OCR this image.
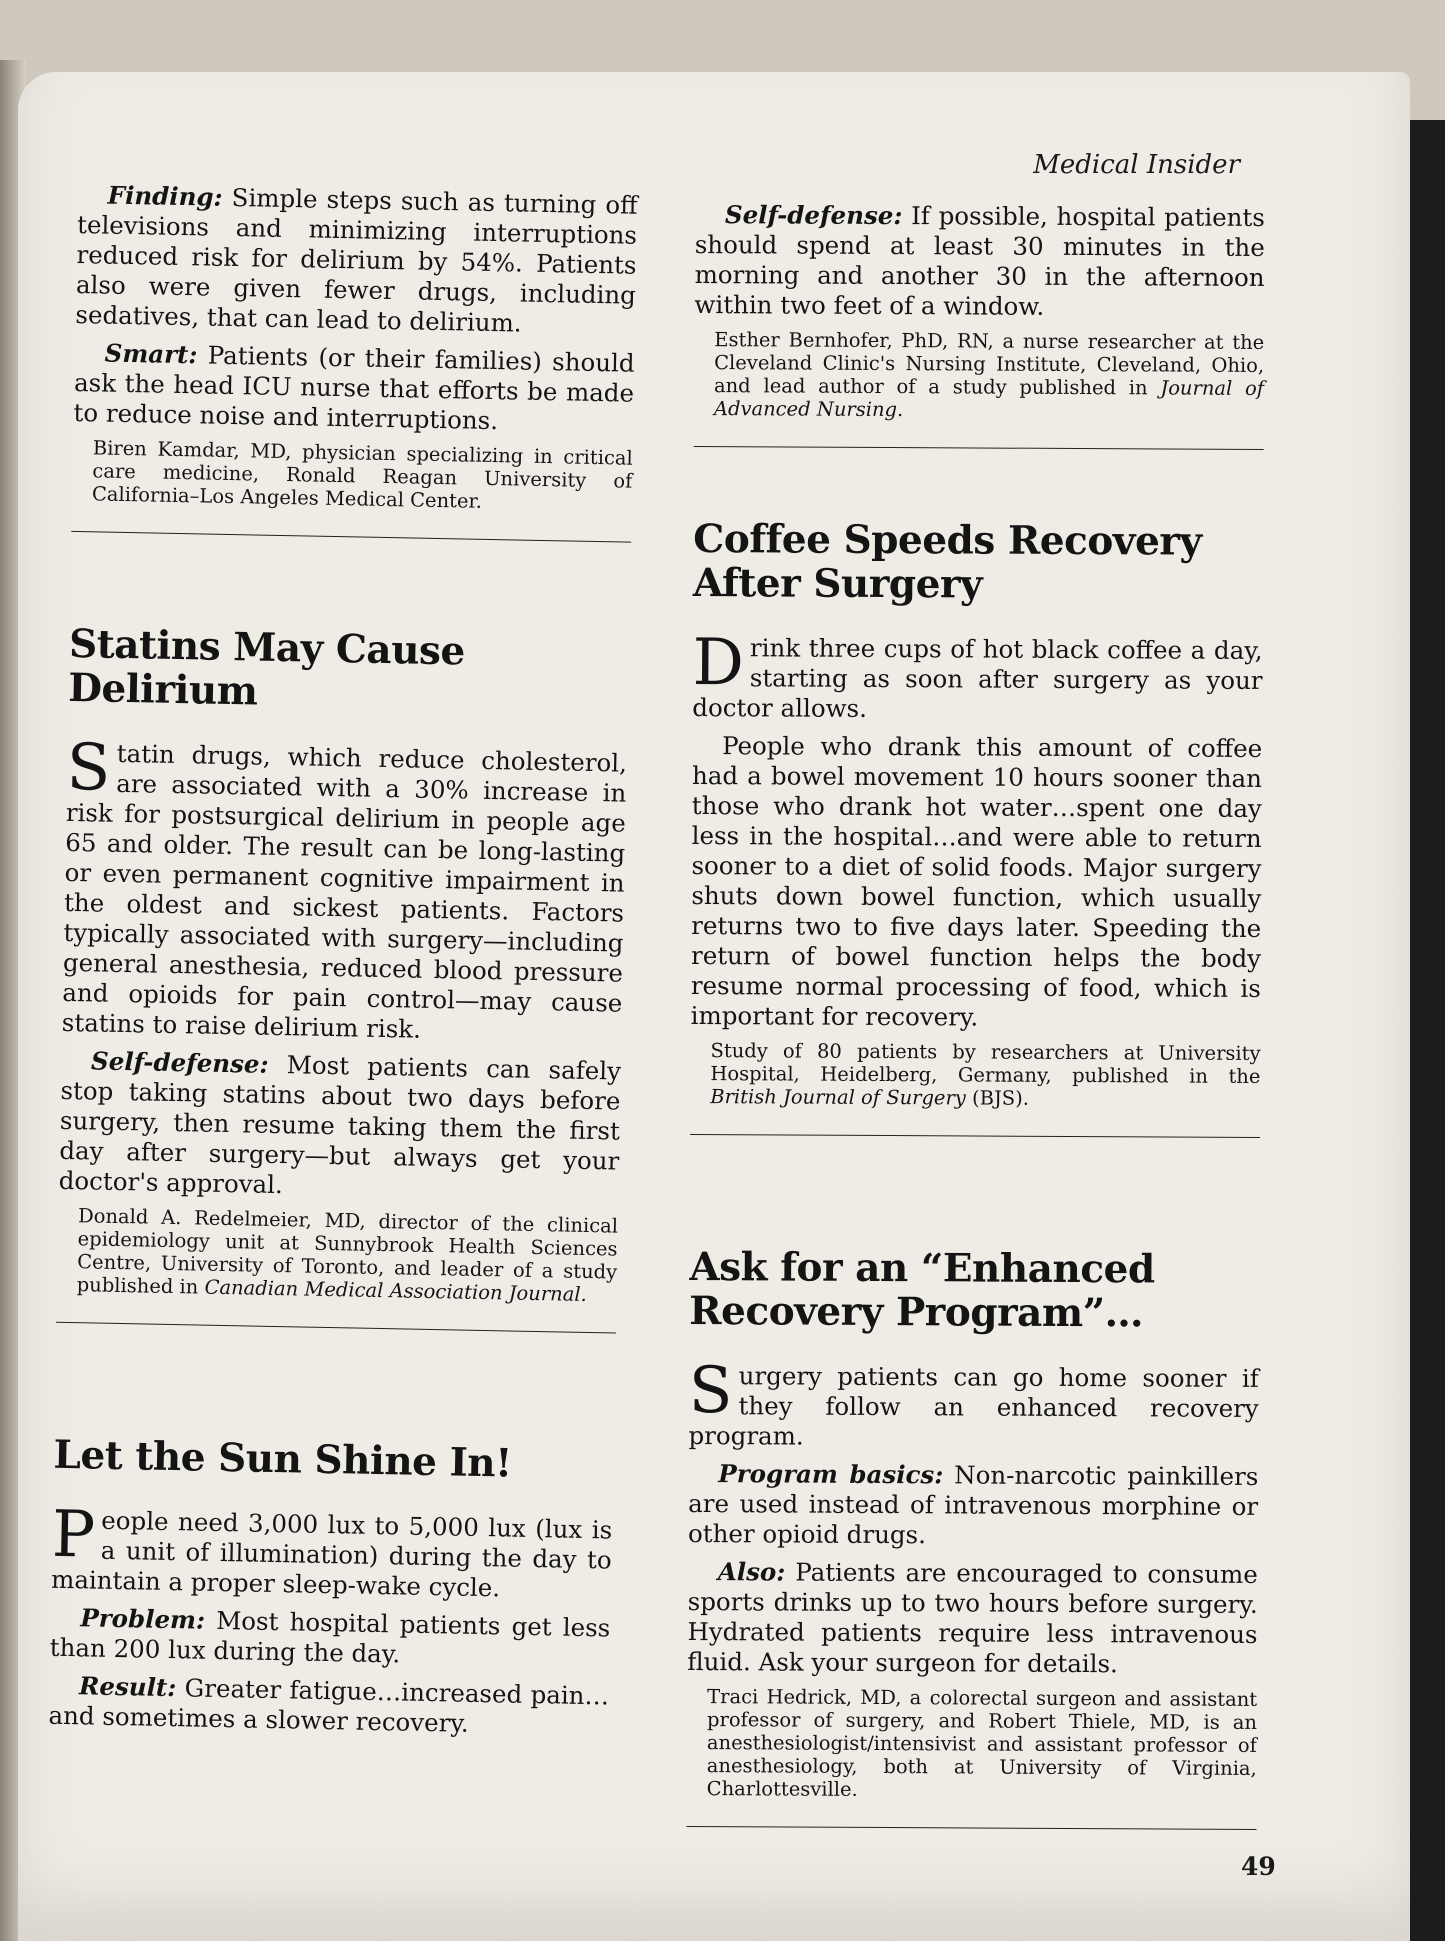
Medical Insider

Finding: Simple steps such as turning off televisions and minimizing interruptions reduced risk for delirium by 54%. Patients also were given fewer drugs, including sedatives, that can lead to delirium.

Smart: Patients (or their families) should ask the head ICU nurse that efforts be made to reduce noise and interruptions.

Biren Kamdar, MD, physician specializing in critical care medicine, Ronald Reagan University of California–Los Angeles Medical Center.

Statins May Cause Delirium

Statin drugs, which reduce cholesterol, are associated with a 30% increase in risk for postsurgical delirium in people age 65 and older. The result can be long-lasting or even permanent cognitive impairment in the oldest and sickest patients. Factors typically associated with surgery—including general anesthesia, reduced blood pressure and opioids for pain control—may cause statins to raise delirium risk.

Self-defense: Most patients can safely stop taking statins about two days before surgery, then resume taking them the first day after surgery—but always get your doctor's approval.

Donald A. Redelmeier, MD, director of the clinical epidemiology unit at Sunnybrook Health Sciences Centre, University of Toronto, and leader of a study published in Canadian Medical Association Journal.

Let the Sun Shine In!

People need 3,000 lux to 5,000 lux (lux is a unit of illumination) during the day to maintain a proper sleep-wake cycle.

Problem: Most hospital patients get less than 200 lux during the day.

Result: Greater fatigue…increased pain…and sometimes a slower recovery.

Self-defense: If possible, hospital patients should spend at least 30 minutes in the morning and another 30 in the afternoon within two feet of a window.

Esther Bernhofer, PhD, RN, a nurse researcher at the Cleveland Clinic's Nursing Institute, Cleveland, Ohio, and lead author of a study published in Journal of Advanced Nursing.

Coffee Speeds Recovery After Surgery

Drink three cups of hot black coffee a day, starting as soon after surgery as your doctor allows.

People who drank this amount of coffee had a bowel movement 10 hours sooner than those who drank hot water…spent one day less in the hospital…and were able to return sooner to a diet of solid foods. Major surgery shuts down bowel function, which usually returns two to five days later. Speeding the return of bowel function helps the body resume normal processing of food, which is important for recovery.

Study of 80 patients by researchers at University Hospital, Heidelberg, Germany, published in the British Journal of Surgery (BJS).

Ask for an “Enhanced Recovery Program”…

Surgery patients can go home sooner if they follow an enhanced recovery program.

Program basics: Non-narcotic painkillers are used instead of intravenous morphine or other opioid drugs.

Also: Patients are encouraged to consume sports drinks up to two hours before surgery. Hydrated patients require less intravenous fluid. Ask your surgeon for details.

Traci Hedrick, MD, a colorectal surgeon and assistant professor of surgery, and Robert Thiele, MD, is an anesthesiologist/intensivist and assistant professor of anesthesiology, both at University of Virginia, Charlottesville.

49
